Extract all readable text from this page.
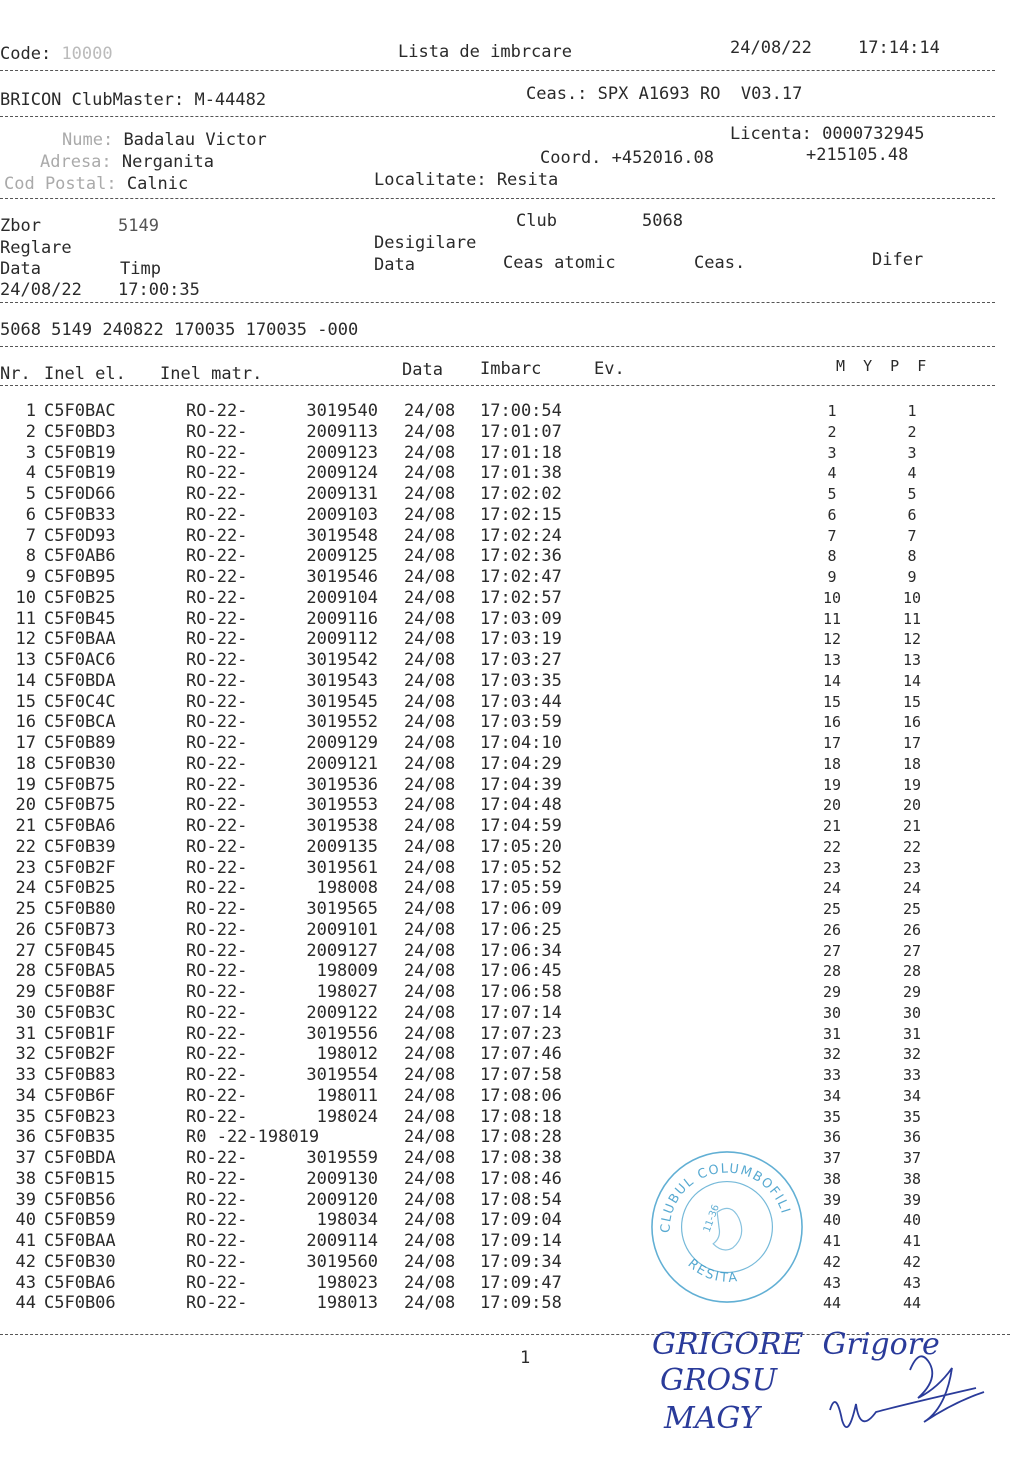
Code: 10000	Lista de imbrcare	24/08/22	17:14:14
BRICON ClubMaster: M-44482	Ceas.: SPX A1693 RO  V03.17
Nume: Badalau Victor
Adresa: Nerganita
Cod Postal: Calnic
Licenta: 0000732945
Coord. +452016.08	+215105.48
Localitate: Resita
Zbor	5149	Club	5068
Reglare	Desigilare
Data	Timp	Data	Ceas atomic	Ceas.	Difer
24/08/22 17:00:35
5068 5149 240822 170035 170035 -000
Nr. Inel el. Inel matr.	Data Imbarc	Ev.	M  Y  P  F
1 C5F0BAC	RO-22-	3019540 24/08 17:00:54	1	1
2 C5F0BD3	RO-22-	2009113 24/08 17:01:07	2	2
3 C5F0B19	RO-22-	2009123 24/08 17:01:18	3	3
4 C5F0B19	RO-22-	2009124 24/08 17:01:38	4	4
5 C5F0D66	RO-22-	2009131 24/08 17:02:02	5	5
6 C5F0B33	RO-22-	2009103 24/08 17:02:15	6	6
7 C5F0D93	RO-22-	3019548 24/08 17:02:24	7	7
8 C5F0AB6	RO-22-	2009125 24/08 17:02:36	8	8
9 C5F0B95	RO-22-	3019546 24/08 17:02:47	9	9
10 C5F0B25	RO-22-	2009104 24/08 17:02:57	10	10
11 C5F0B45	RO-22-	2009116 24/08 17:03:09	11	11
12 C5F0BAA	RO-22-	2009112 24/08 17:03:19	12	12
13 C5F0AC6	RO-22-	3019542 24/08 17:03:27	13	13
14 C5F0BDA	RO-22-	3019543 24/08 17:03:35	14	14
15 C5F0C4C	RO-22-	3019545 24/08 17:03:44	15	15
16 C5F0BCA	RO-22-	3019552 24/08 17:03:59	16	16
17 C5F0B89	RO-22-	2009129 24/08 17:04:10	17	17
18 C5F0B30	RO-22-	2009121 24/08 17:04:29	18	18
19 C5F0B75	RO-22-	3019536 24/08 17:04:39	19	19
20 C5F0B75	RO-22-	3019553 24/08 17:04:48	20	20
21 C5F0BA6	RO-22-	3019538 24/08 17:04:59	21	21
22 C5F0B39	RO-22-	2009135 24/08 17:05:20	22	22
23 C5F0B2F	RO-22-	3019561 24/08 17:05:52	23	23
24 C5F0B25	RO-22-	198008 24/08 17:05:59	24	24
25 C5F0B80	RO-22-	3019565 24/08 17:06:09	25	25
26 C5F0B73	RO-22-	2009101 24/08 17:06:25	26	26
27 C5F0B45	RO-22-	2009127 24/08 17:06:34	27	27
28 C5F0BA5	RO-22-	198009 24/08 17:06:45	28	28
29 C5F0B8F	RO-22-	198027 24/08 17:06:58	29	29
30 C5F0B3C	RO-22-	2009122 24/08 17:07:14	30	30
31 C5F0B1F	RO-22-	3019556 24/08 17:07:23	31	31
32 C5F0B2F	RO-22-	198012 24/08 17:07:46	32	32
33 C5F0B83	RO-22-	3019554 24/08 17:07:58	33	33
34 C5F0B6F	RO-22-	198011 24/08 17:08:06	34	34
35 C5F0B23	RO-22-	198024 24/08 17:08:18	35	35
36 C5F0B35	R0 -22-198019	24/08 17:08:28	36	36
37 C5F0BDA	RO-22-	3019559 24/08 17:08:38	37	37
38 C5F0B15	RO-22-	2009130 24/08 17:08:46	38	38
39 C5F0B56	RO-22-	2009120 24/08 17:08:54	39	39
40 C5F0B59	RO-22-	198034 24/08 17:09:04	40	40
41 C5F0BAA	RO-22-	2009114 24/08 17:09:14	41	41
42 C5F0B30	RO-22-	3019560 24/08 17:09:34	42	42
43 C5F0BA6	RO-22-	198023 24/08 17:09:47	43	43
44 C5F0B06	RO-22-	198013 24/08 17:09:58	44	44
1
CLUBUL COLUMBOFILI
RESITA
11-36
GRIGORE  Grigore
GROSU
MAGY
